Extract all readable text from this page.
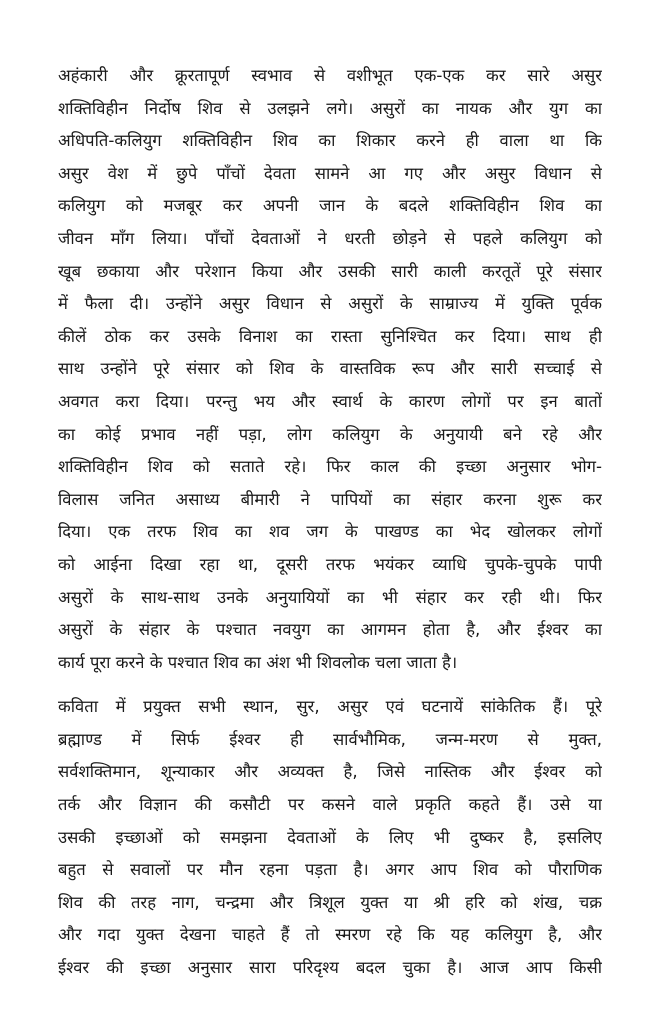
अहंकारी और क्रूरतापूर्ण स्वभाव से वशीभूत एक-एक कर सारे असुर
शक्तिविहीन निर्दोष शिव से उलझने लगे। असुरों का नायक और युग का
अधिपति-कलियुग शक्तिविहीन शिव का शिकार करने ही वाला था कि
असुर वेश में छुपे पाँचों देवता सामने आ गए और असुर विधान से
कलियुग को मजबूर कर अपनी जान के बदले शक्तिविहीन शिव का
जीवन माँग लिया। पाँचों देवताओं ने धरती छोड़ने से पहले कलियुग को
खूब छकाया और परेशान किया और उसकी सारी काली करतूतें पूरे संसार
में फैला दी। उन्होंने असुर विधान से असुरों के साम्राज्य में युक्ति पूर्वक
कीलें ठोक कर उसके विनाश का रास्ता सुनिश्चित कर दिया। साथ ही
साथ उन्होंने पूरे संसार को शिव के वास्तविक रूप और सारी सच्चाई से
अवगत करा दिया। परन्तु भय और स्वार्थ के कारण लोगों पर इन बातों
का कोई प्रभाव नहीं पड़ा, लोग कलियुग के अनुयायी बने रहे और
शक्तिविहीन शिव को सताते रहे। फिर काल की इच्छा अनुसार भोग-
विलास जनित असाध्य बीमारी ने पापियों का संहार करना शुरू कर
दिया। एक तरफ शिव का शव जग के पाखण्ड का भेद खोलकर लोगों
को आईना दिखा रहा था, दूसरी तरफ भयंकर व्याधि चुपके-चुपके पापी
असुरों के साथ-साथ उनके अनुयायियों का भी संहार कर रही थी। फिर
असुरों के संहार के पश्चात नवयुग का आगमन होता है, और ईश्वर का
कार्य पूरा करने के पश्चात शिव का अंश भी शिवलोक चला जाता है।

कविता में प्रयुक्त सभी स्थान, सुर, असुर एवं घटनायें सांकेतिक हैं। पूरे
ब्रह्माण्ड में सिर्फ ईश्वर ही सार्वभौमिक, जन्म-मरण से मुक्त,
सर्वशक्तिमान, शून्याकार और अव्यक्त है, जिसे नास्तिक और ईश्वर को
तर्क और विज्ञान की कसौटी पर कसने वाले प्रकृति कहते हैं। उसे या
उसकी इच्छाओं को समझना देवताओं के लिए भी दुष्कर है, इसलिए
बहुत से सवालों पर मौन रहना पड़ता है। अगर आप शिव को पौराणिक
शिव की तरह नाग, चन्द्रमा और त्रिशूल युक्त या श्री हरि को शंख, चक्र
और गदा युक्त देखना चाहते हैं तो स्मरण रहे कि यह कलियुग है, और
ईश्वर की इच्छा अनुसार सारा परिदृश्य बदल चुका है। आज आप किसी
